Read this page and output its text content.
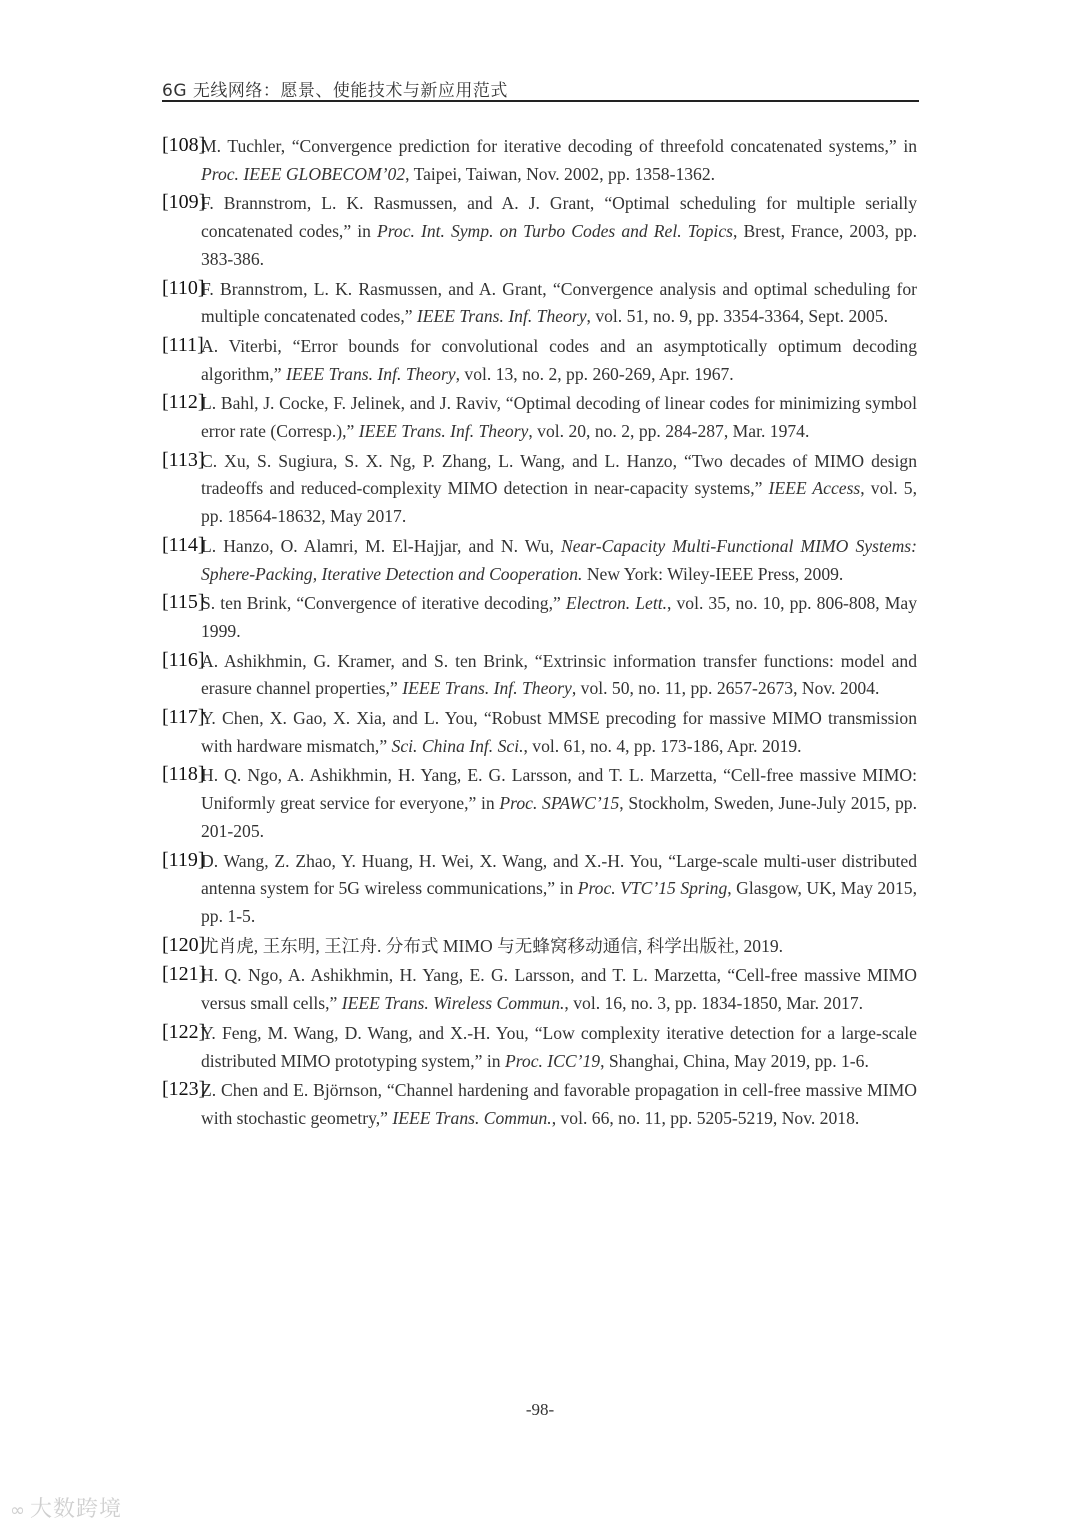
6G 无线网络：愿景、使能技术与新应用范式
[108]
M. Tuchler, “Convergence prediction for iterative decoding of threefold concatenated systems,” in Proc. IEEE GLOBECOM’02, Taipei, Taiwan, Nov. 2002, pp. 1358-1362.
[109]
F. Brannstrom, L. K. Rasmussen, and A. J. Grant, “Optimal scheduling for multiple serially concatenated codes,” in Proc. Int. Symp. on Turbo Codes and Rel. Topics, Brest, France, 2003, pp. 383-386.
[110]
F. Brannstrom, L. K. Rasmussen, and A. Grant, “Convergence analysis and optimal scheduling for multiple concatenated codes,” IEEE Trans. Inf. Theory, vol. 51, no. 9, pp. 3354-3364, Sept. 2005.
[111]
A. Viterbi, “Error bounds for convolutional codes and an asymptotically optimum decoding algorithm,” IEEE Trans. Inf. Theory, vol. 13, no. 2, pp. 260-269, Apr. 1967.
[112]
L. Bahl, J. Cocke, F. Jelinek, and J. Raviv, “Optimal decoding of linear codes for minimizing symbol error rate (Corresp.),” IEEE Trans. Inf. Theory, vol. 20, no. 2, pp. 284-287, Mar. 1974.
[113]
C. Xu, S. Sugiura, S. X. Ng, P. Zhang, L. Wang, and L. Hanzo, “Two decades of MIMO design tradeoffs and reduced-complexity MIMO detection in near-capacity systems,” IEEE Access, vol. 5, pp. 18564-18632, May 2017.
[114]
L. Hanzo, O. Alamri, M. El-Hajjar, and N. Wu, Near-Capacity Multi-Functional MIMO Systems: Sphere-Packing, Iterative Detection and Cooperation. New York: Wiley-IEEE Press, 2009.
[115]
S. ten Brink, “Convergence of iterative decoding,” Electron. Lett., vol. 35, no. 10, pp. 806-808, May 1999.
[116]
A. Ashikhmin, G. Kramer, and S. ten Brink, “Extrinsic information transfer functions: model and erasure channel properties,” IEEE Trans. Inf. Theory, vol. 50, no. 11, pp. 2657-2673, Nov. 2004.
[117]
Y. Chen, X. Gao, X. Xia, and L. You, “Robust MMSE precoding for massive MIMO transmission with hardware mismatch,” Sci. China Inf. Sci., vol. 61, no. 4, pp. 173-186, Apr. 2019.
[118]
H. Q. Ngo, A. Ashikhmin, H. Yang, E. G. Larsson, and T. L. Marzetta, “Cell-free massive MIMO: Uniformly great service for everyone,” in Proc. SPAWC’15, Stockholm, Sweden, June-July 2015, pp. 201-205.
[119]
D. Wang, Z. Zhao, Y. Huang, H. Wei, X. Wang, and X.-H. You, “Large-scale multi-user distributed antenna system for 5G wireless communications,” in Proc. VTC’15 Spring, Glasgow, UK, May 2015, pp. 1-5.
[120]
尤肖虎, 王东明, 王江舟. 分布式 MIMO 与无蜂窝移动通信, 科学出版社, 2019.
[121]
H. Q. Ngo, A. Ashikhmin, H. Yang, E. G. Larsson, and T. L. Marzetta, “Cell-free massive MIMO versus small cells,” IEEE Trans. Wireless Commun., vol. 16, no. 3, pp. 1834-1850, Mar. 2017.
[122]
Y. Feng, M. Wang, D. Wang, and X.-H. You, “Low complexity iterative detection for a large-scale distributed MIMO prototyping system,” in Proc. ICC’19, Shanghai, China, May 2019, pp. 1-6.
[123]
Z. Chen and E. Björnson, “Channel hardening and favorable propagation in cell-free massive MIMO with stochastic geometry,” IEEE Trans. Commun., vol. 66, no. 11, pp. 5205-5219, Nov. 2018.
-98-
∞ 大数跨境
